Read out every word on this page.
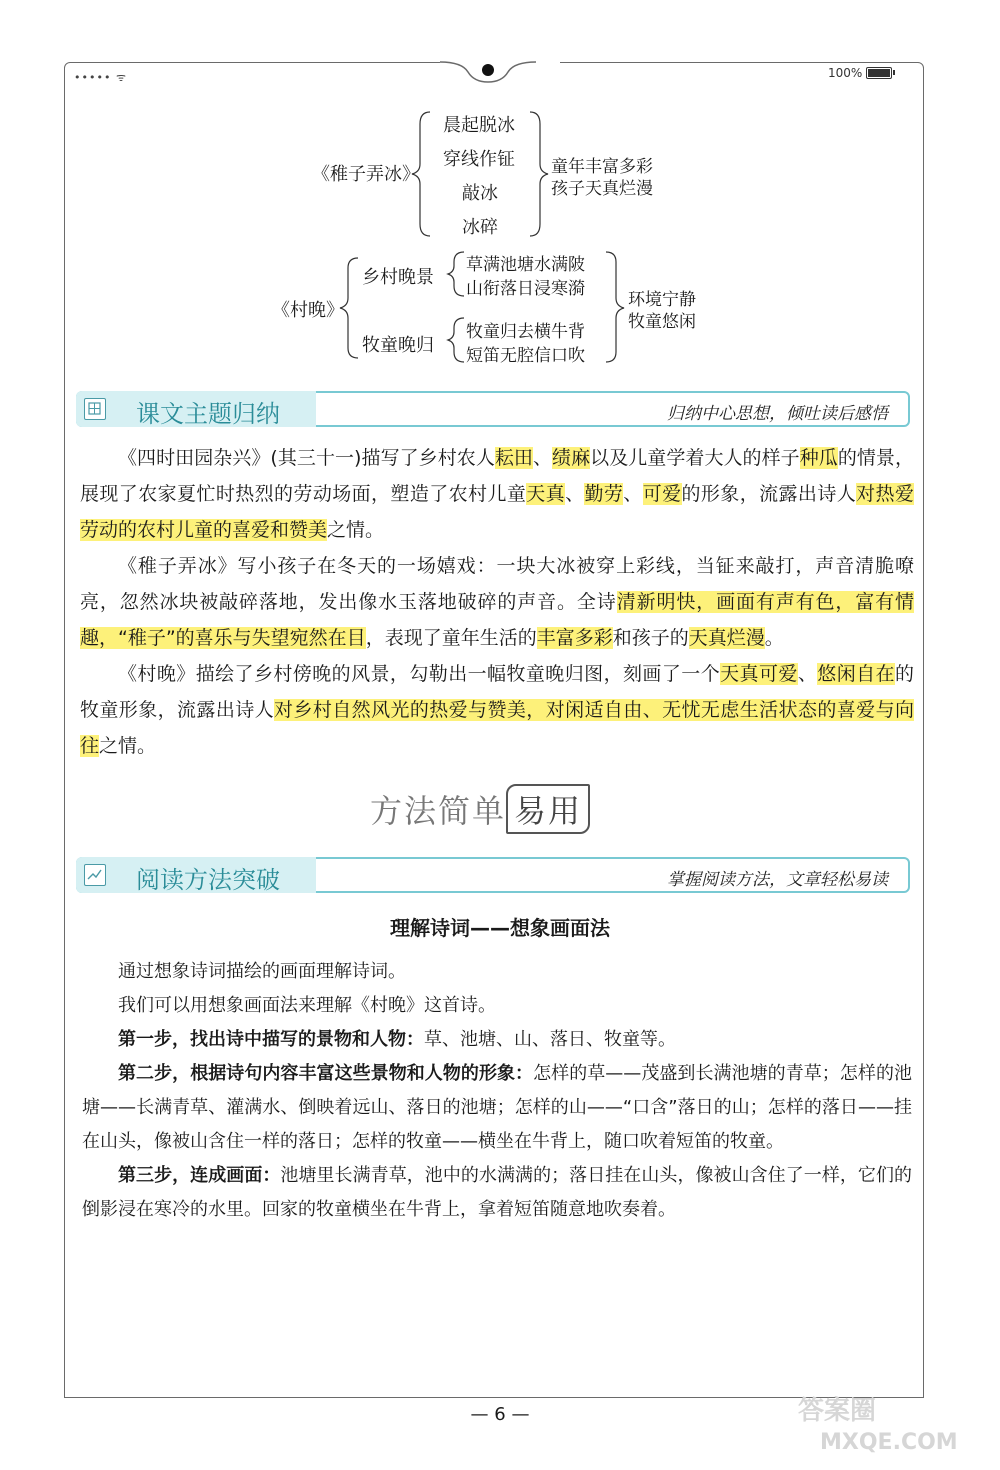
••••• ᯤ	100%
《稚子弄冰》
晨起脱冰
穿线作钲
敲冰
冰碎
童年丰富多彩
孩子天真烂漫
《村晚》
乡村晚景
牧童晚归
草满池塘水满陂
山衔落日浸寒漪
牧童归去横牛背
短笛无腔信口吹
环境宁静
牧童悠闲
课文主题归纳	归纳中心思想，倾吐读后感悟

《四时田园杂兴》(其三十一)描写了乡村农人耘田、绩麻以及儿童学着大人的样子种瓜的情景，展现了农家夏忙时热烈的劳动场面，塑造了农村儿童天真、勤劳、可爱的形象，流露出诗人对热爱劳动的农村儿童的喜爱和赞美之情。

《稚子弄冰》写小孩子在冬天的一场嬉戏：一块大冰被穿上彩线，当钲来敲打，声音清脆嘹亮，忽然冰块被敲碎落地，发出像水玉落地破碎的声音。全诗清新明快，画面有声有色，富有情趣，“稚子”的喜乐与失望宛然在目，表现了童年生活的丰富多彩和孩子的天真烂漫。

《村晚》描绘了乡村傍晚的风景，勾勒出一幅牧童晚归图，刻画了一个天真可爱、悠闲自在的牧童形象，流露出诗人对乡村自然风光的热爱与赞美，对闲适自由、无忧无虑生活状态的喜爱与向往之情。

方法简单 易用
阅读方法突破	掌握阅读方法，文章轻松易读
理解诗词——想象画面法

通过想象诗词描绘的画面理解诗词。

我们可以用想象画面法来理解《村晚》这首诗。

第一步，找出诗中描写的景物和人物：草、池塘、山、落日、牧童等。

第二步，根据诗句内容丰富这些景物和人物的形象：怎样的草——茂盛到长满池塘的青草；怎样的池塘——长满青草、灌满水、倒映着远山、落日的池塘；怎样的山——“口含”落日的山；怎样的落日——挂在山头，像被山含住一样的落日；怎样的牧童——横坐在牛背上，随口吹着短笛的牧童。

第三步，连成画面：池塘里长满青草，池中的水满满的；落日挂在山头，像被山含住了一样，它们的倒影浸在寒冷的水里。回家的牧童横坐在牛背上，拿着短笛随意地吹奏着。

— 6 —	答案圈
MXQE.COM
